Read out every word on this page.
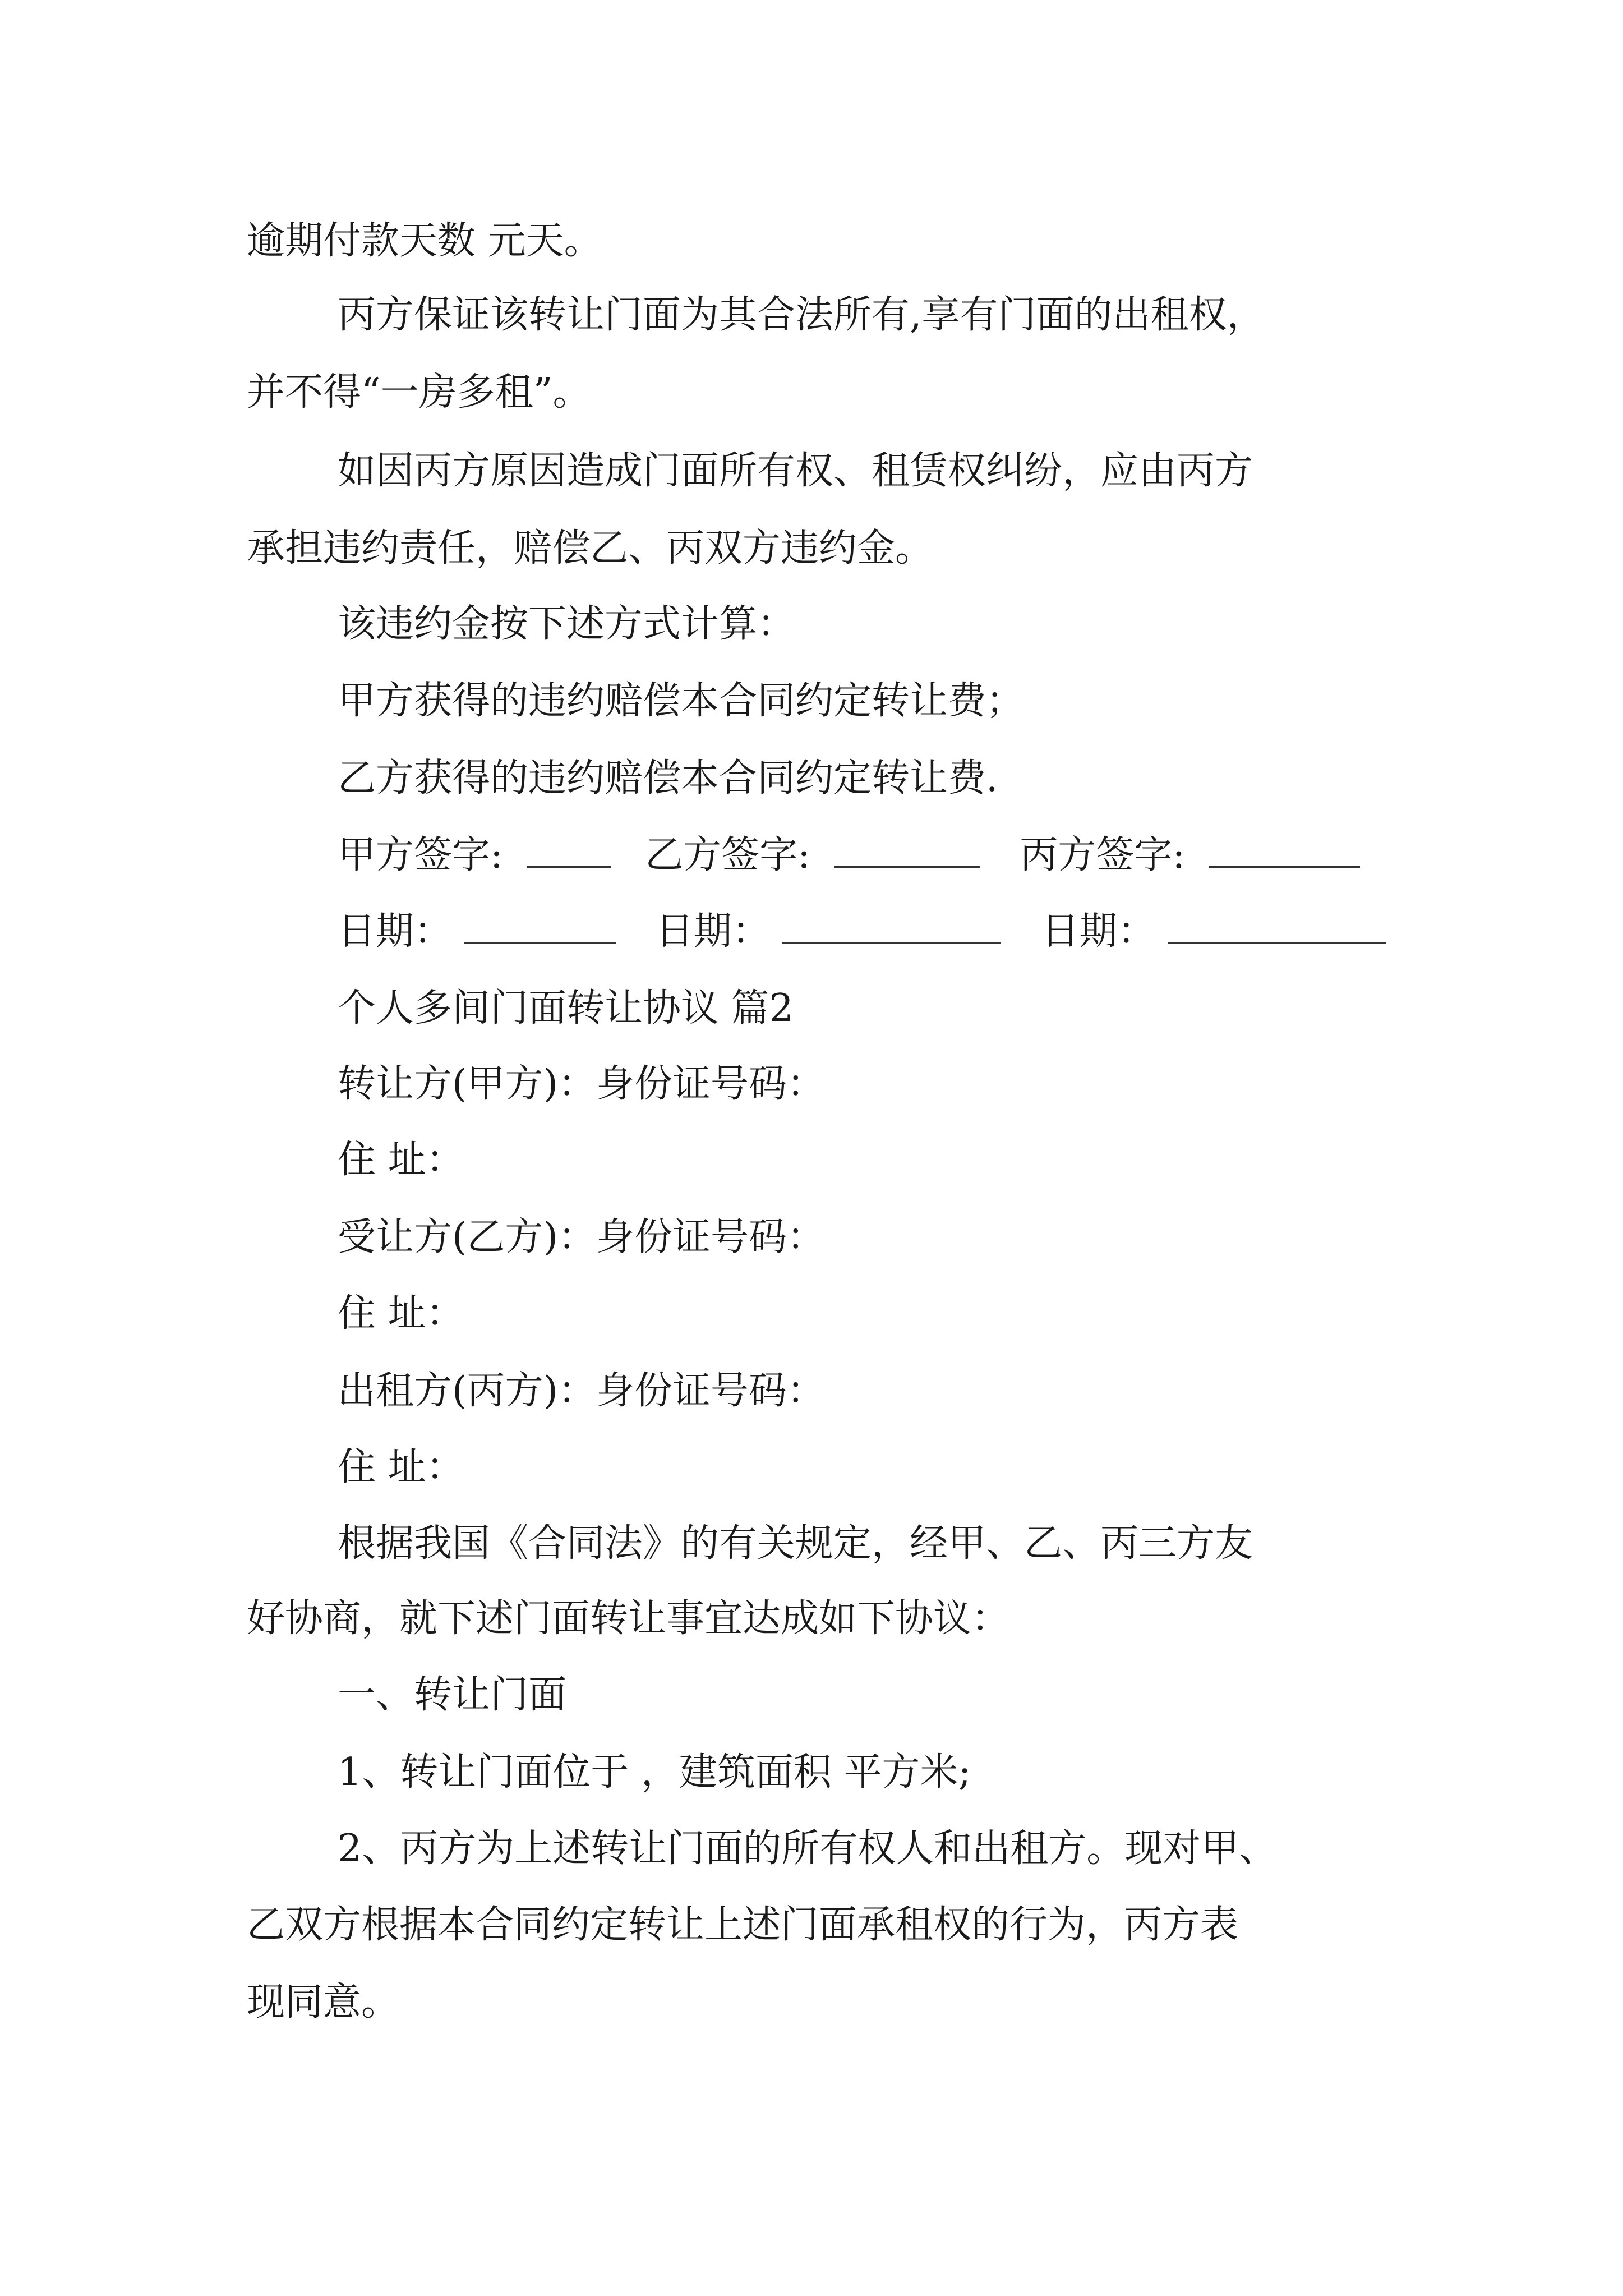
逾期付款天数 元天。
丙方保证该转让门面为其合法所有,享有门面的出租权，
并不得“一房多租”。
如因丙方原因造成门面所有权、租赁权纠纷，应由丙方
承担违约责任，赔偿乙、丙双方违约金。
该违约金按下述方式计算：
甲方获得的违约赔偿本合同约定转让费；
乙方获得的违约赔偿本合同约定转让费.
甲方签字:	乙方签字:	丙方签字:
日期：	日期：	日期：
个人多间门面转让协议 篇2
转让方(甲方)：身份证号码：
住 址：
受让方(乙方)：身份证号码：
住 址：
出租方(丙方)：身份证号码：
住 址：
根据我国《合同法》的有关规定，经甲、乙、丙三方友
好协商，就下述门面转让事宜达成如下协议：
一、转让门面
1、转让门面位于 ，建筑面积 平方米;
2、丙方为上述转让门面的所有权人和出租方。现对甲、
乙双方根据本合同约定转让上述门面承租权的行为，丙方表
现同意。
